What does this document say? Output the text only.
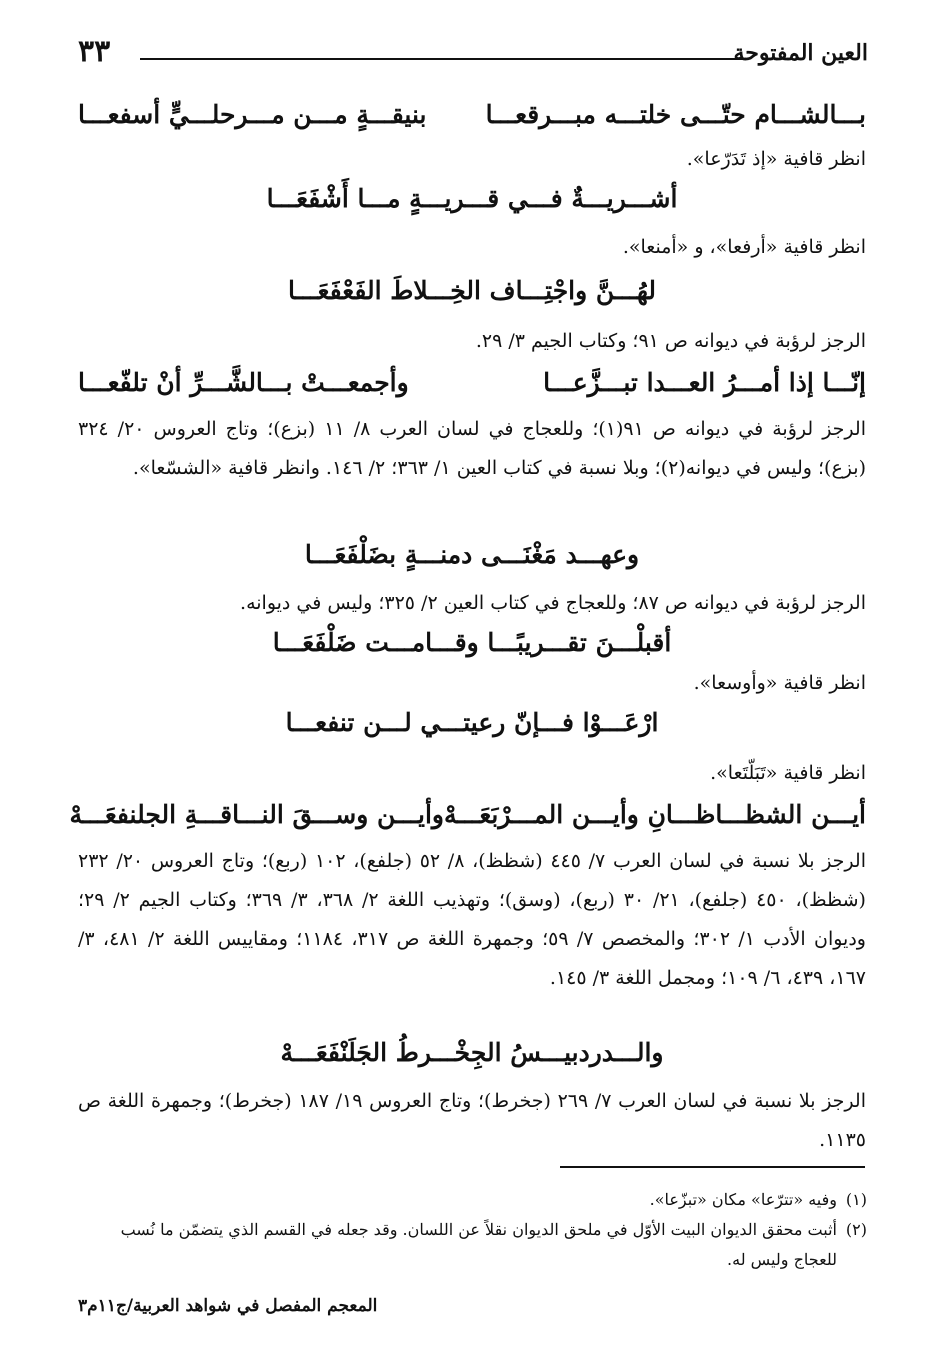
العين المفتوحة
٣٣
بـــالشـــام حتّـــى خلتـــه مبـــرقعـــا
بنيقـــةٍ مـــن مـــرحلـــيٍّ أسفعـــا
انظر قافية «إذ تَدَرّعا».
أشـــريـــةٌ فـــي قـــريـــةٍ مـــا أَشْفَعَـــا
انظر قافية «أرفعا»، و «أمنعا».
لهُـــنَّ واجْتِـــاف الخِـــلاطَ الفَعْفَعَـــا
الرجز لرؤبة في ديوانه ص ٩١؛ وكتاب الجيم ٣/ ٢٩.
إنّـــا إذا أمـــرُ العـــدا تبـــزَّعـــا
وأجمعـــتْ بـــالشَّـــرِّ أنْ تلفّعـــا
الرجز لرؤبة في ديوانه ص ٩١(١)؛ وللعجاج في لسان العرب ٨/ ١١ (بزع)؛ وتاج العروس ٢٠/ ٣٢٤ (بزع)؛ وليس في ديوانه(٢)؛ وبلا نسبة في كتاب العين ١/ ٣٦٣؛ ٢/ ١٤٦. وانظر قافية «الشسّعا».
وعهـــد مَغْنَـــى دمنـــةٍ بضَلْفَعَـــا
الرجز لرؤبة في ديوانه ص ٨٧؛ وللعجاج في كتاب العين ٢/ ٣٢٥؛ وليس في ديوانه.
أقبلْـــنَ تقـــريبًـــا وقـــامـــت ضَلْفَعَـــا
انظر قافية «وأوسعا».
ارْعَـــوْا فـــإنّ رعيتـــي لـــن تنفعـــا
انظر قافية «تَبَلّتَعا».
أيـــن الشظـــاظـــانِ وأيـــن المـــرْبَعَـــهْ
وأيـــن وســـقَ النـــاقـــةِ الجلنفعَـــهْ
الرجز بلا نسبة في لسان العرب ٧/ ٤٤٥ (شظظ)، ٨/ ٥٢ (جلفع)، ١٠٢ (ربع)؛ وتاج العروس ٢٠/ ٢٣٢ (شظظ)، ٤٥٠ (جلفع)، ٢١/ ٣٠ (ربع)، (وسق)؛ وتهذيب اللغة ٢/ ٣٦٨، ٣/ ٣٦٩؛ وكتاب الجيم ٢/ ٢٩؛ وديوان الأدب ١/ ٣٠٢؛ والمخصص ٧/ ٥٩؛ وجمهرة اللغة ص ٣١٧، ١١٨٤؛ ومقاييس اللغة ٢/ ٤٨١، ٣/ ١٦٧، ٤٣٩، ٦/ ١٠٩؛ ومجمل اللغة ٣/ ١٤٥.
والـــدردبيـــسُ الجِخْـــرطُ الجَلَنْفَعَـــهْ
الرجز بلا نسبة في لسان العرب ٧/ ٢٦٩ (جخرط)؛ وتاج العروس ١٩/ ١٨٧ (جخرط)؛ وجمهرة اللغة ص ١١٣٥.
(١)
وفيه «تترّعا» مكان «تبزّعا».
(٢)
أثبت محقق الديوان البيت الأوّل في ملحق الديوان نقلاً عن اللسان. وقد جعله في القسم الذي يتضمّن ما نُسب للعجاج وليس له.
المعجم المفصل في شواهد العربية/ج١١م٣
